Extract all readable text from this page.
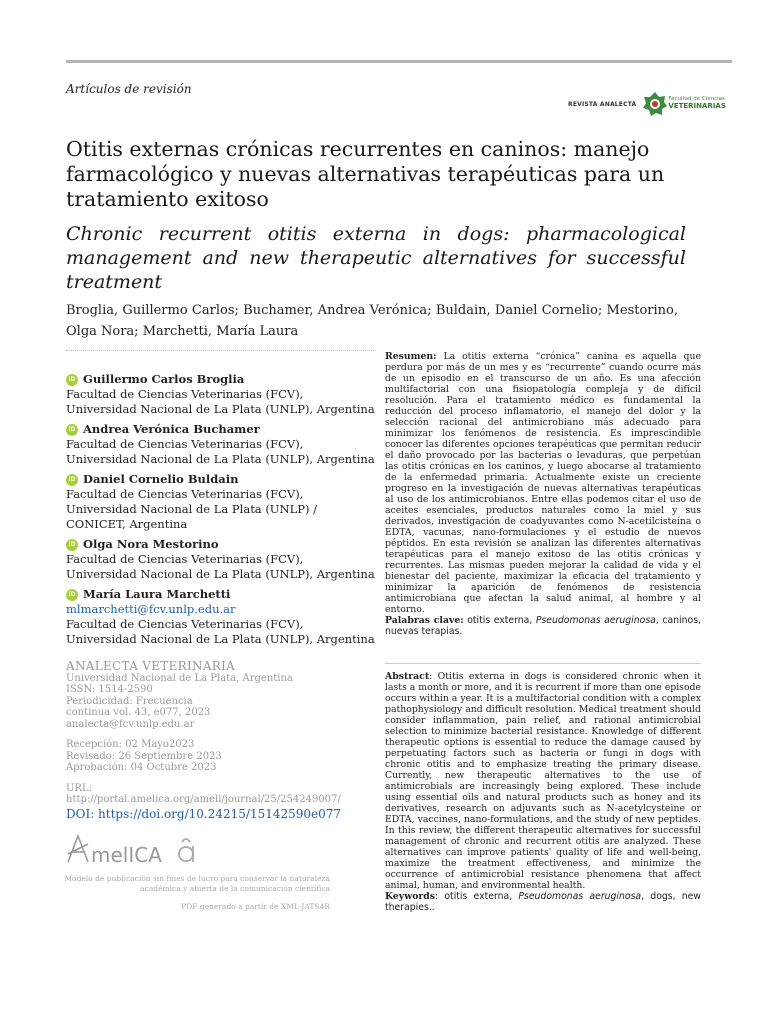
Artículos de revisión
REVISTA ANALECTA
Facultad de Ciencias
VETERINARIAS
Otitis externas crónicas recurrentes en caninos: manejo farmacológico y nuevas alternativas terapéuticas para un tratamiento exitoso
Chronic recurrent otitis externa in dogs: pharmacological management and new therapeutic alternatives for successful treatment
Broglia, Guillermo Carlos; Buchamer, Andrea Verónica; Buldain, Daniel Cornelio; Mestorino, Olga Nora; Marchetti, María Laura
iD Guillermo Carlos Broglia
Facultad de Ciencias Veterinarias (FCV), Universidad Nacional de La Plata (UNLP), Argentina
iD Andrea Verónica Buchamer
Facultad de Ciencias Veterinarias (FCV), Universidad Nacional de La Plata (UNLP), Argentina
iD Daniel Cornelio Buldain
Facultad de Ciencias Veterinarias (FCV), Universidad Nacional de La Plata (UNLP) / CONICET, Argentina
iD Olga Nora Mestorino
Facultad de Ciencias Veterinarias (FCV), Universidad Nacional de La Plata (UNLP), Argentina
iD María Laura Marchetti
mlmarchetti@fcv.unlp.edu.ar
Facultad de Ciencias Veterinarias (FCV), Universidad Nacional de La Plata (UNLP), Argentina
ANALECTA VETERINARIA
Universidad Nacional de La Plata, Argentina
ISSN: 1514-2590
Periodicidad: Frecuencia
continua vol. 43, e077, 2023
analecta@fcv.unlp.edu.ar
Recepción: 02 Mayo2023
Revisado: 26 Septiembre 2023
Aprobación: 04 Octubre 2023
URL:
http://portal.amelica.org/ameli/journal/25/254249007/
DOI: https://doi.org/10.24215/15142590e077
melICA
Modelo de publicación sin fines de lucro para conservar la naturaleza académica y abierta de la comunicación científica
PDF generado a partir de XML-JATS4R
Resumen: La otitis externa “crónica” canina es aquella que perdura por más de un mes y es “recurrente” cuando ocurre más de un episodio en el transcurso de un año. Es una afección multifactorial con una fisiopatología compleja y de difícil resolución. Para el tratamiento médico es fundamental la reducción del proceso inflamatorio, el manejo del dolor y la selección racional del antimicrobiano más adecuado para minimizar los fenómenos de resistencia. Es imprescindible conocer las diferentes opciones terapéuticas que permitan reducir el daño provocado por las bacterias o levaduras, que perpetúan las otitis crónicas en los caninos, y luego abocarse al tratamiento de la enfermedad primaria. Actualmente existe un creciente progreso en la investigación de nuevas alternativas terapéuticas al uso de los antimicrobianos. Entre ellas podemos citar el uso de aceites esenciales, productos naturales como la miel y sus derivados, investigación de coadyuvantes como N-acetilcisteína o EDTA, vacunas, nano-formulaciones y el estudio de nuevos péptidos. En esta revisión se analizan las diferentes alternativas terapéuticas para el manejo exitoso de las otitis crónicas y recurrentes. Las mismas pueden mejorar la calidad de vida y el bienestar del paciente, maximizar la eficacia del tratamiento y minimizar la aparición de fenómenos de resistencia antimicrobiana que afectan la salud animal, al hombre y al entorno.
Palabras clave: otitis externa, Pseudomonas aeruginosa, caninos, nuevas terapias.
Abstract: Otitis externa in dogs is considered chronic when it lasts a month or more, and it is recurrent if more than one episode occurs within a year. It is a multifactorial condition with a complex pathophysiology and difficult resolution. Medical treatment should consider inflammation, pain relief, and rational antimicrobial selection to minimize bacterial resistance. Knowledge of different therapeutic options is essential to reduce the damage caused by perpetuating factors such as bacteria or fungi in dogs with chronic otitis and to emphasize treating the primary disease. Currently, new therapeutic alternatives to the use of antimicrobials are increasingly being explored. These include using essential oils and natural products such as honey and its derivatives, research on adjuvants such as N-acetylcysteine or EDTA, vaccines, nano-formulations, and the study of new peptides. In this review, the different therapeutic alternatives for successful management of chronic and recurrent otitis are analyzed. These alternatives can improve patients' quality of life and well-being, maximize the treatment effectiveness, and minimize the occurrence of antimicrobial resistance phenomena that affect animal, human, and environmental health.
Keywords: otitis externa, Pseudomonas aeruginosa, dogs, new therapies..
